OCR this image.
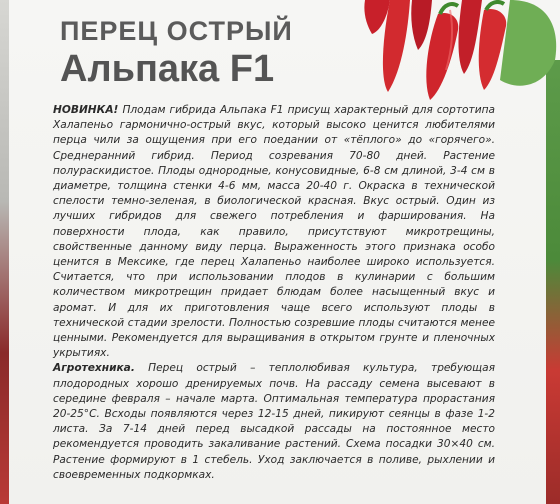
ПЕРЕЦ ОСТРЫЙ
Альпака F1

НОВИНКА! Плодам гибрида Альпака F1 присущ характерный для сортотипа Халапеньо гармонично-острый вкус, который высоко ценится любителями перца чили за ощущения при его поедании от «тёплого» до «горячего». Среднеранний гибрид. Период созревания 70-80 дней. Растение полураскидистое. Плоды однородные, конусовидные, 6-8 см длиной, 3-4 см в диаметре, толщина стенки 4-6 мм, масса 20-40 г. Окраска в технической спелости темно-зеленая, в биологической красная. Вкус острый. Один из лучших гибридов для свежего потребления и фарширования. На поверхности плода, как правило, присутствуют микротрещины, свойственные данному виду перца. Выраженность этого признака особо ценится в Мексике, где перец Халапеньо наиболее широко используется. Считается, что при использовании плодов в кулинарии с большим количеством микротрещин придает блюдам более насыщенный вкус и аромат. И для их приготовления чаще всего используют плоды в технической стадии зрелости. Полностью созревшие плоды считаются менее ценными. Рекомендуется для выращивания в открытом грунте и пленочных укрытиях.

Агротехника. Перец острый – теплолюбивая культура, требующая плодородных хорошо дренируемых почв. На рассаду семена высевают в середине февраля – начале марта. Оптимальная температура прорастания 20-25°С. Всходы появляются через 12-15 дней, пикируют сеянцы в фазе 1-2 листа. За 7-14 дней перед высадкой рассады на постоянное место рекомендуется проводить закаливание растений. Схема посадки 30×40 см. Растение формируют в 1 стебель. Уход заключается в поливе, рыхлении и своевременных подкормках.
